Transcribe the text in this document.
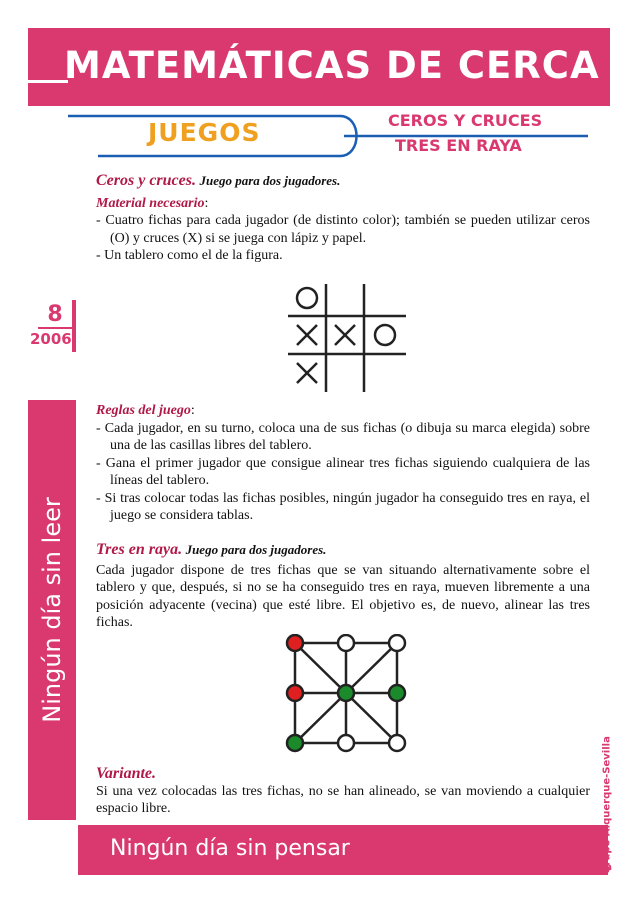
MATEMÁTICAS DE CERCA
JUEGOS	CEROS Y CRUCES
TRES EN RAYA
8
2006
Ningún día sin leer
Ningún día sin pensar	Grupo Alquerque-Sevilla
CEP Castilleja
Ceros y cruces. Juego para dos jugadores.
Material necesario:
- Cuatro fichas para cada jugador (de distinto color); también se pueden utilizar ceros (O) y cruces (X) si se juega con lápiz y papel.
- Un tablero como el de la figura.
Reglas del juego:
- Cada jugador, en su turno, coloca una de sus fichas (o dibuja su marca elegida) sobre una de las casillas libres del tablero.
- Gana el primer jugador que consigue alinear tres fichas siguiendo cualquiera de las líneas del tablero.
- Si tras colocar todas las fichas posibles, ningún jugador ha conseguido tres en raya, el juego se considera tablas.
Tres en raya. Juego para dos jugadores.
Cada jugador dispone de tres fichas que se van situando alternativamente sobre el tablero y que, después, si no se ha conseguido tres en raya, mueven libremente a una posición adyacente (vecina) que esté libre. El objetivo es, de nuevo, alinear las tres fichas.
Variante.
Si una vez colocadas las tres fichas, no se han alineado, se van moviendo a cualquier espacio libre.
